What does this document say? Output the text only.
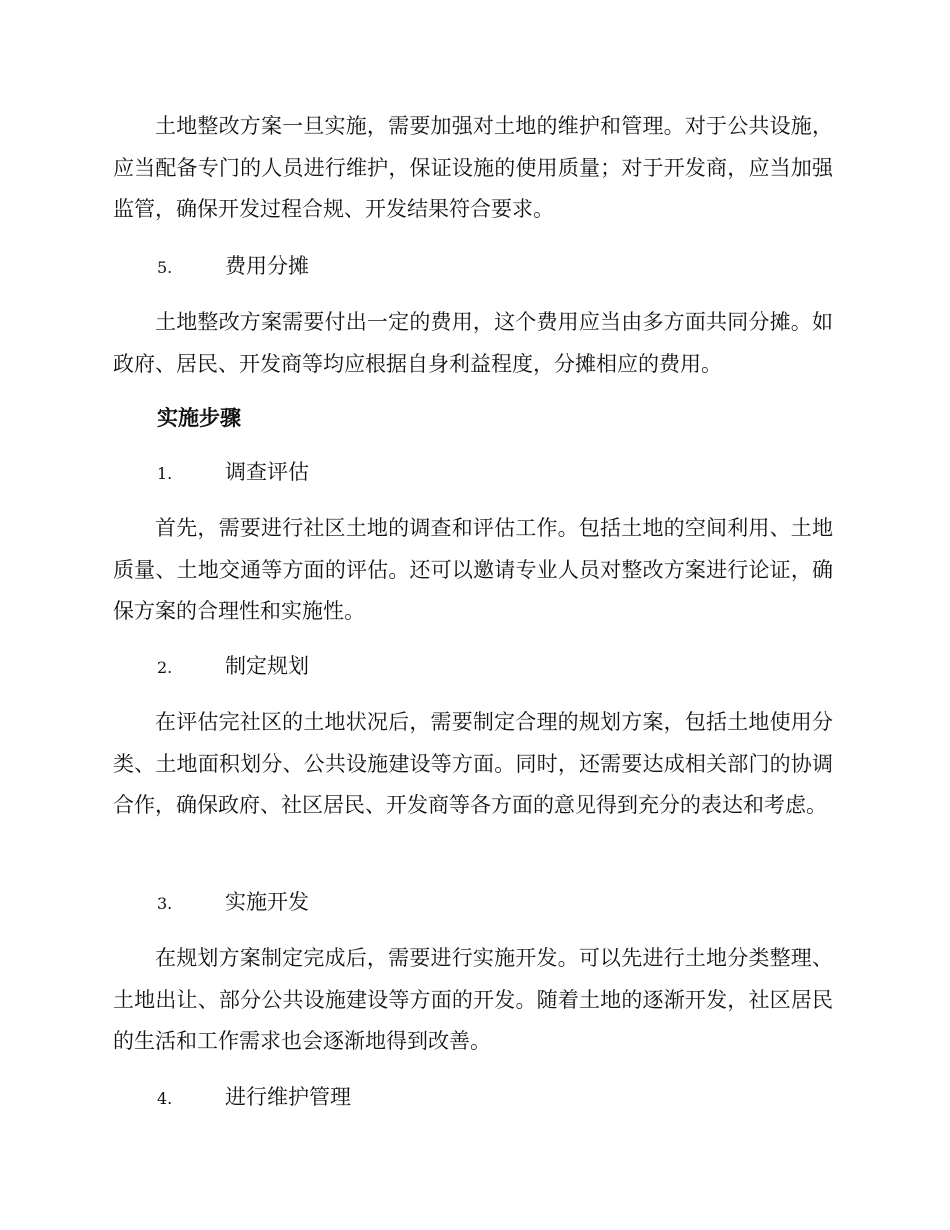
土地整改方案一旦实施，需要加强对土地的维护和管理。对于公共设施，应当配备专门的人员进行维护，保证设施的使用质量；对于开发商，应当加强监管，确保开发过程合规、开发结果符合要求。

5.	费用分摊

土地整改方案需要付出一定的费用，这个费用应当由多方面共同分摊。如政府、居民、开发商等均应根据自身利益程度，分摊相应的费用。

实施步骤
1.	调查评估

首先，需要进行社区土地的调查和评估工作。包括土地的空间利用、土地质量、土地交通等方面的评估。还可以邀请专业人员对整改方案进行论证，确保方案的合理性和实施性。

2.	制定规划

在评估完社区的土地状况后，需要制定合理的规划方案，包括土地使用分类、土地面积划分、公共设施建设等方面。同时，还需要达成相关部门的协调合作，确保政府、社区居民、开发商等各方面的意见得到充分的表达和考虑。

3.	实施开发

在规划方案制定完成后，需要进行实施开发。可以先进行土地分类整理、土地出让、部分公共设施建设等方面的开发。随着土地的逐渐开发，社区居民的生活和工作需求也会逐渐地得到改善。

4.	进行维护管理
